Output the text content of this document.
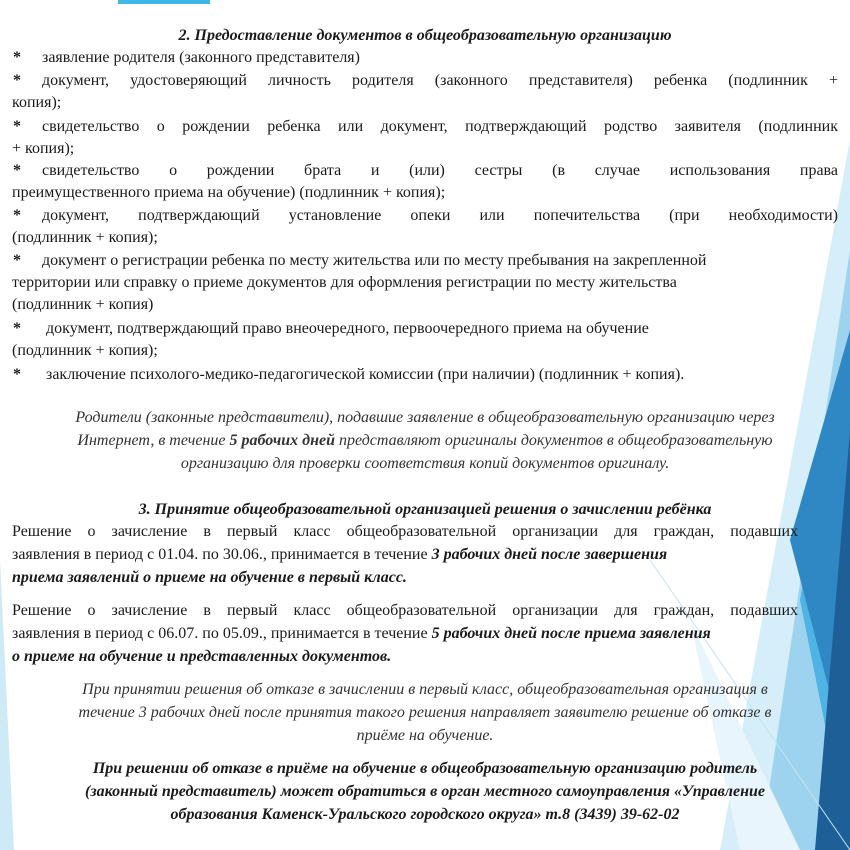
2. Предоставление документов в общеобразовательную организацию
* заявление родителя (законного представителя)
* документ, удостоверяющий личность родителя (законного представителя) ребенка (подлинник +
копия);
* свидетельство о рождении ребенка или документ, подтверждающий родство заявителя (подлинник
+ копия);
* свидетельство о рождении брата и (или) сестры (в случае использования права
преимущественного приема на обучение) (подлинник + копия);
* документ, подтверждающий установление опеки или попечительства (при необходимости)
(подлинник + копия);
* документ о регистрации ребенка по месту жительства или по месту пребывания на закрепленной
территории или справку о приеме документов для оформления регистрации по месту жительства
(подлинник + копия)
* документ, подтверждающий право внеочередного, первоочередного приема на обучение
(подлинник + копия);
* заключение психолого-медико-педагогической комиссии (при наличии) (подлинник + копия).
Родители (законные представители), подавшие заявление в общеобразовательную организацию через
Интернет, в течение 5 рабочих дней представляют оригиналы документов в общеобразовательную
организацию для проверки соответствия копий документов оригиналу.
3. Принятие общеобразовательной организацией решения о зачислении ребёнка
Решение о зачисление в первый класс общеобразовательной организации для граждан, подавших
заявления в период с 01.04. по 30.06., принимается в течение 3 рабочих дней после завершения
приема заявлений о приеме на обучение в первый класс.
Решение о зачисление в первый класс общеобразовательной организации для граждан, подавших
заявления в период с 06.07. по 05.09., принимается в течение 5 рабочих дней после приема заявления
о приеме на обучение и представленных документов.
При принятии решения об отказе в зачислении в первый класс, общеобразовательная организация в
течение 3 рабочих дней после принятия такого решения направляет заявителю решение об отказе в
приёме на обучение.
При решении об отказе в приёме на обучение в общеобразовательную организацию родитель
(законный представитель) может обратиться в орган местного самоуправления «Управление
образования Каменск-Уральского городского округа» т.8 (3439) 39-62-02
